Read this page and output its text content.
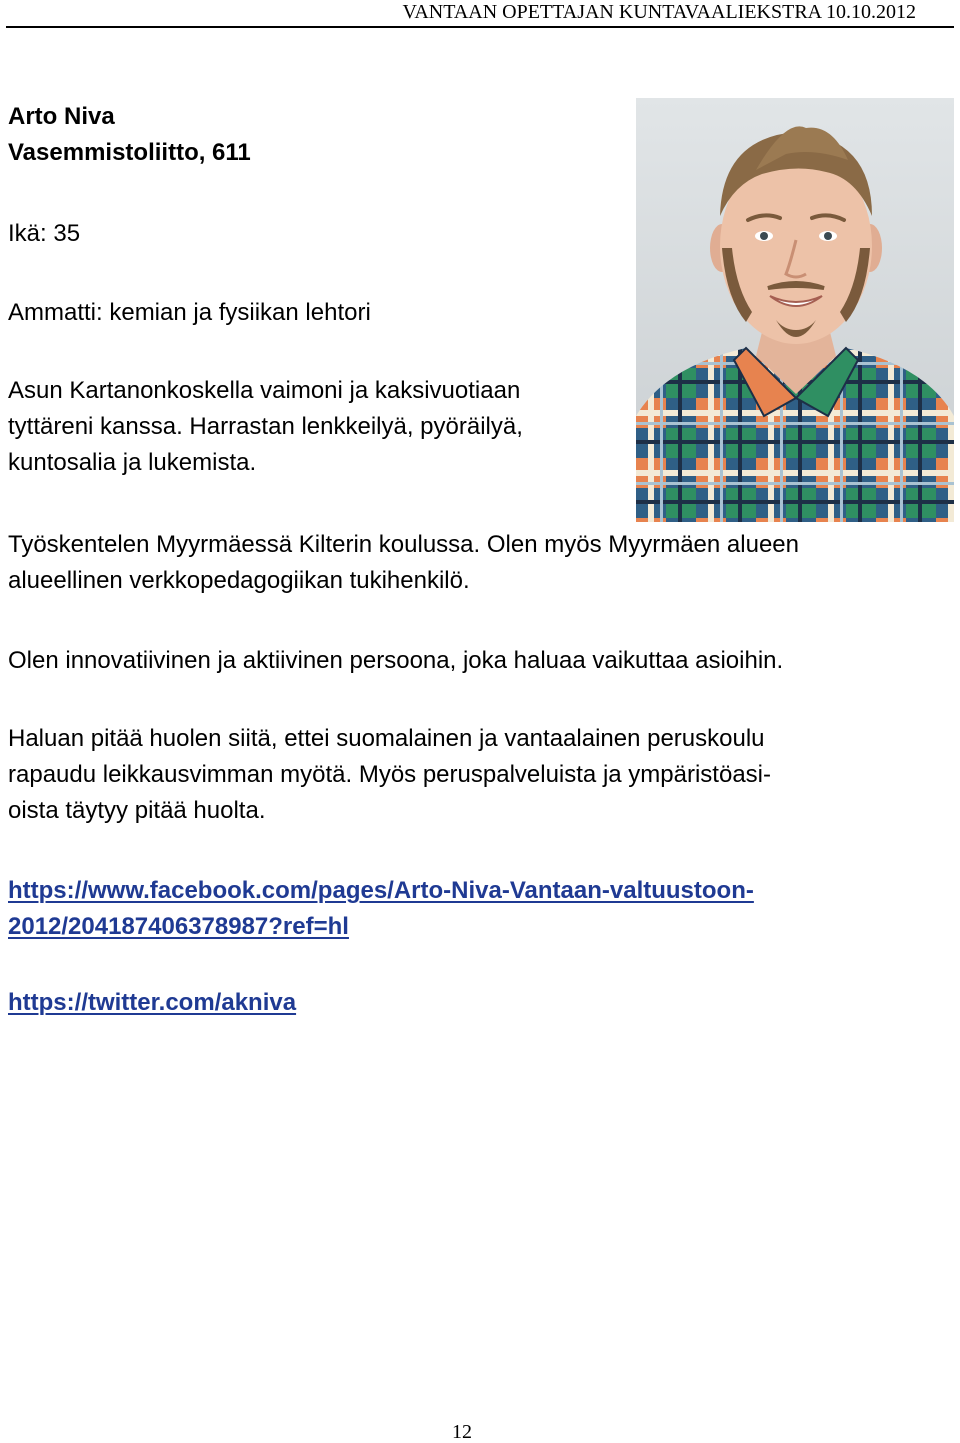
VANTAAN OPETTAJAN KUNTAVAALIEKSTRA 10.10.2012
Arto Niva
Vasemmistoliitto, 611
Ikä: 35
Ammatti: kemian ja fysiikan lehtori
Asun Kartanonkoskella vaimoni ja kaksivuotiaan
tyttäreni kanssa. Harrastan lenkkeilyä, pyöräilyä,
kuntosalia ja lukemista.
Työskentelen Myyrmäessä Kilterin koulussa. Olen myös Myyrmäen alueen
alueellinen verkkopedagogiikan tukihenkilö.
Olen innovatiivinen ja aktiivinen persoona, joka haluaa vaikuttaa asioihin.
Haluan pitää huolen siitä, ettei suomalainen ja vantaalainen peruskoulu
rapaudu leikkausvimman myötä. Myös peruspalveluista ja ympäristöasi-
oista täytyy pitää huolta.
https://www.facebook.com/pages/Arto-Niva-Vantaan-valtuustoon-
2012/204187406378987?ref=hl
https://twitter.com/akniva
12
